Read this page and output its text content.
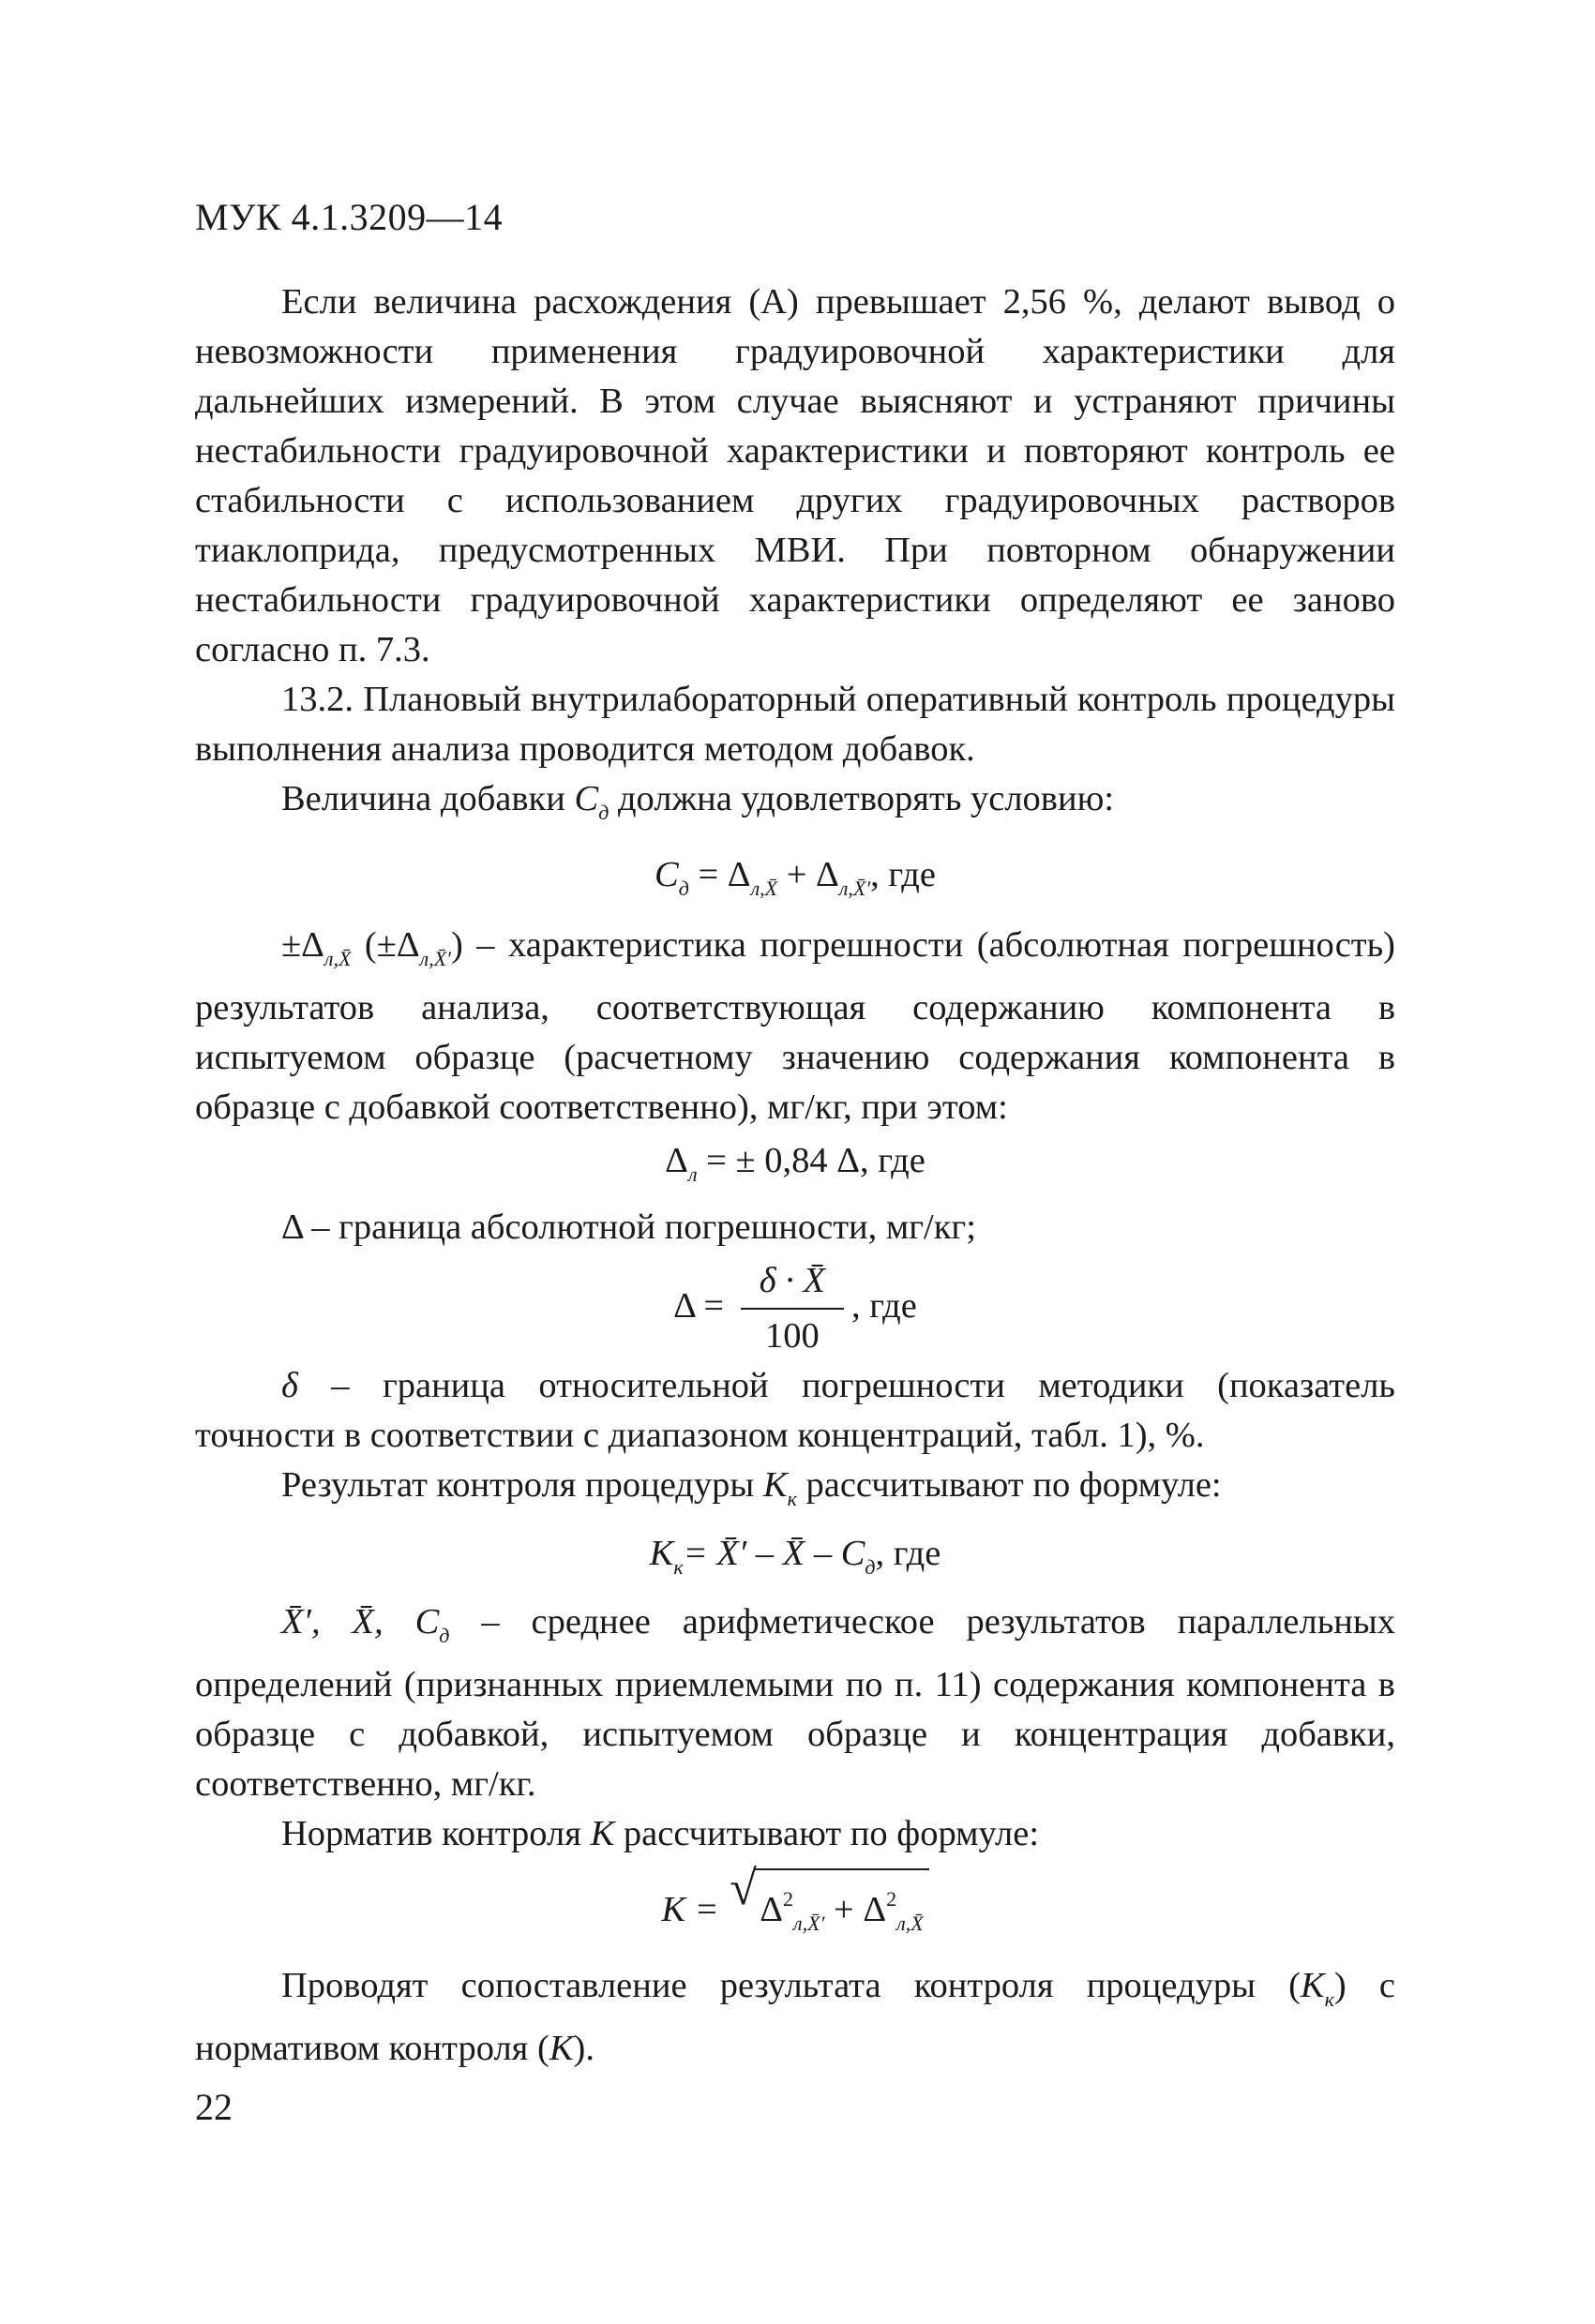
МУК 4.1.3209—14

Если величина расхождения (А) превышает 2,56 %, делают вывод о невозможности применения градуировочной характеристики для дальнейших измерений. В этом случае выясняют и устраняют причины нестабильности градуировочной характеристики и повторяют контроль ее стабильности с использованием других градуировочных растворов тиаклоприда, предусмотренных МВИ. При повторном обнаружении нестабильности градуировочной характеристики определяют ее заново согласно п. 7.3.

13.2. Плановый внутрилабораторный оперативный контроль процедуры выполнения анализа проводится методом добавок.

Величина добавки $C_д$ должна удовлетворять условию:

$C_д = \Delta_{л,X̄} + \Delta_{л,X̄'}$, где

$\pm\Delta_{л,X̄}$ $(\pm\Delta_{л,X̄'})$ – характеристика погрешности (абсолютная погрешность) результатов анализа, соответствующая содержанию компонента в испытуемом образце (расчетному значению содержания компонента в образце с добавкой соответственно), мг/кг, при этом:

$\Delta_л$ = ± 0,84 Δ, где

Δ – граница абсолютной погрешности, мг/кг;

$\Delta = \frac{\delta \cdot X̄}{100}$ , где

δ – граница относительной погрешности методики (показатель точности в соответствии с диапазоном концентраций, табл. 1), %.

Результат контроля процедуры $K_к$ рассчитывают по формуле:

$K_к=$ X̄′ – X̄ – $C_д$, где

X̄′, X̄, $C_д$ – среднее арифметическое результатов параллельных определений (признанных приемлемыми по п. 11) содержания компонента в образце с добавкой, испытуемом образце и концентрация добавки, соответственно, мг/кг.

Норматив контроля K рассчитывают по формуле:

K = √ $\Delta^2_{л,X̄'} + \Delta^2_{л,X̄}$

Проводят сопоставление результата контроля процедуры $(K_к)$ с нормативом контроля (K).

22
